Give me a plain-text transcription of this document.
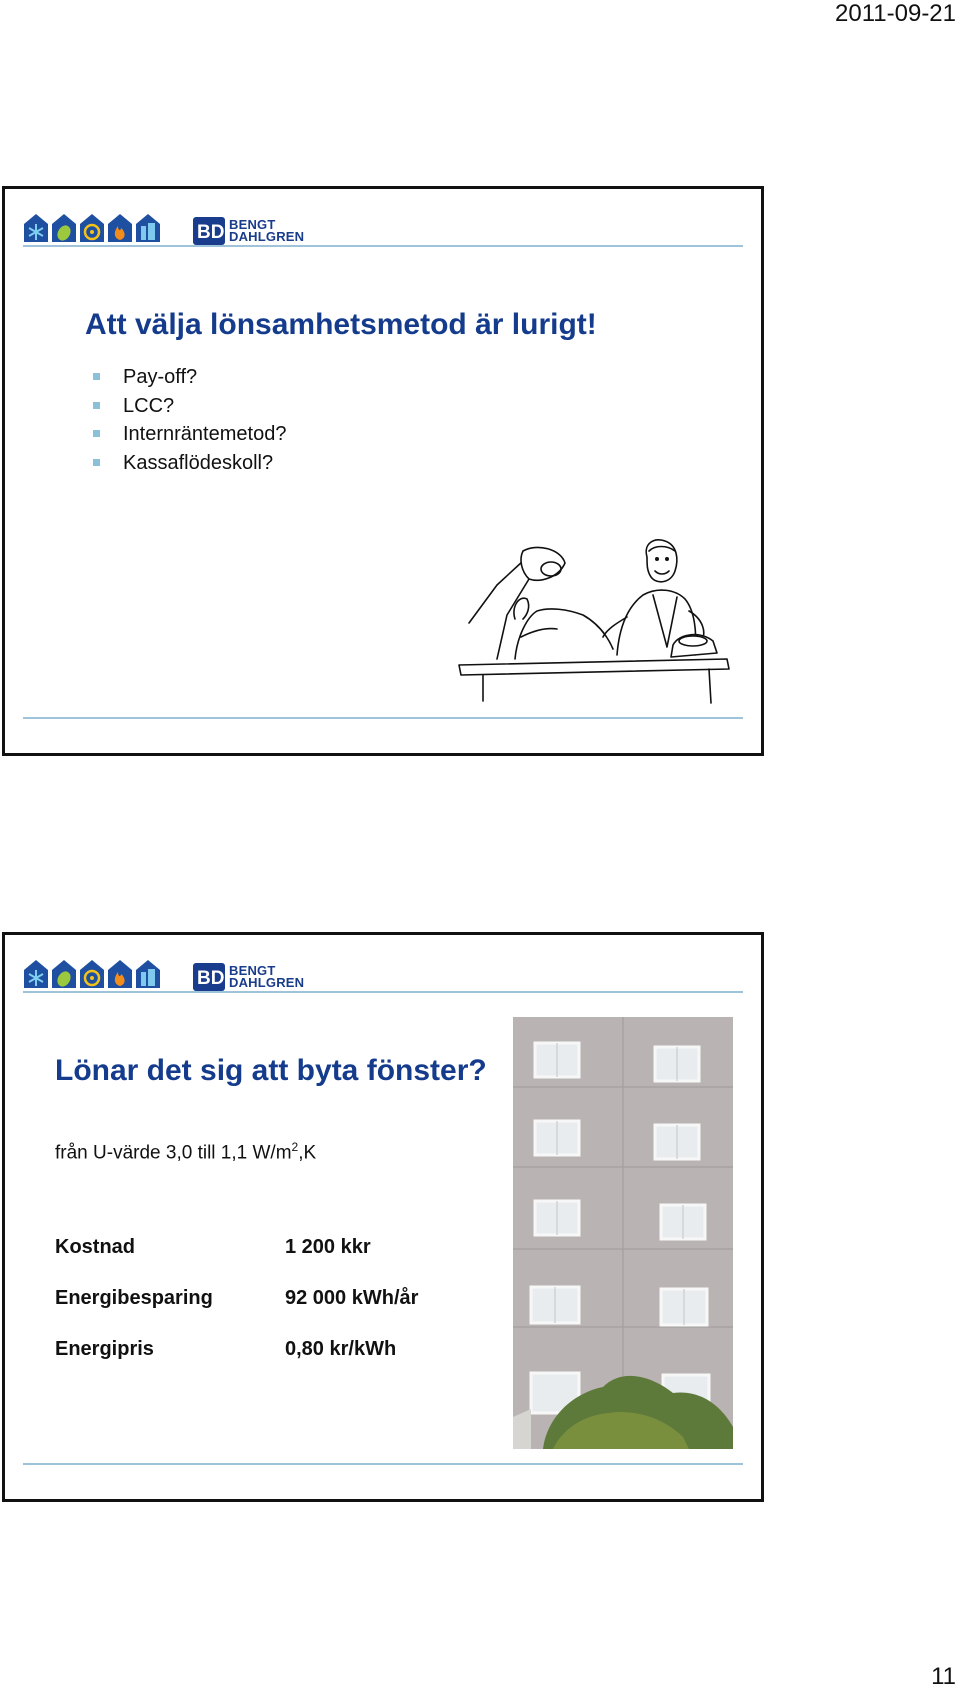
2011-09-21
BD BENGT
DAHLGREN
Att välja lönsamhetsmetod är lurigt!
Pay-off?
LCC?
Internräntemetod?
Kassaflödeskoll?
BD BENGT
DAHLGREN
Lönar det sig att byta fönster?
från U-värde 3,0 till 1,1 $W/m^2,K$
Kostnad	1 200 kkr
Energibesparing	92 000 kWh/år
Energipris	0,80 kr/kWh
11
